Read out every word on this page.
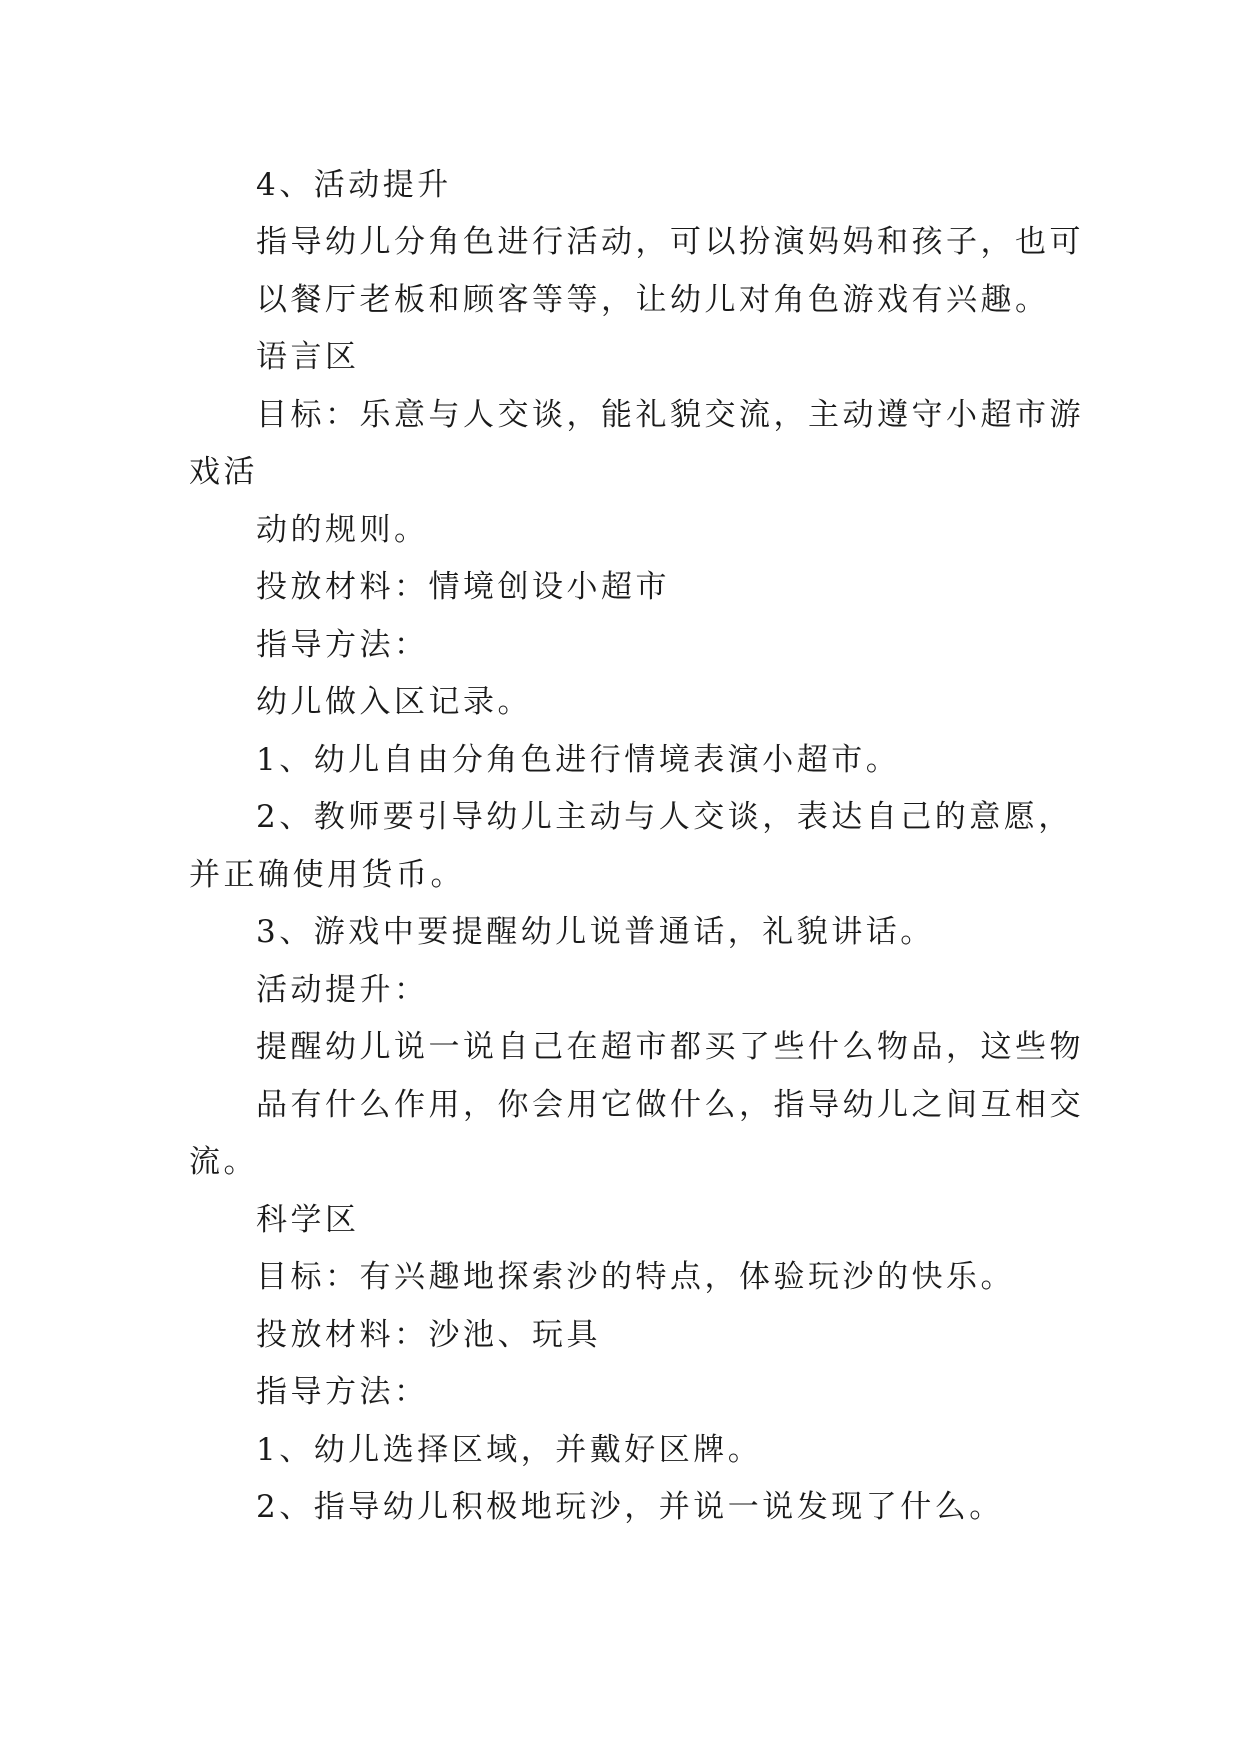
4、活动提升
指导幼儿分角色进行活动，可以扮演妈妈和孩子，也可
以餐厅老板和顾客等等，让幼儿对角色游戏有兴趣。
语言区
目标：乐意与人交谈，能礼貌交流，主动遵守小超市游
戏活
动的规则。
投放材料：情境创设小超市
指导方法：
幼儿做入区记录。
1、幼儿自由分角色进行情境表演小超市。
2、教师要引导幼儿主动与人交谈，表达自己的意愿，
并正确使用货币。
3、游戏中要提醒幼儿说普通话，礼貌讲话。
活动提升：
提醒幼儿说一说自己在超市都买了些什么物品，这些物
品有什么作用，你会用它做什么，指导幼儿之间互相交
流。
科学区
目标：有兴趣地探索沙的特点，体验玩沙的快乐。
投放材料：沙池、玩具
指导方法：
1、幼儿选择区域，并戴好区牌。
2、指导幼儿积极地玩沙，并说一说发现了什么。
